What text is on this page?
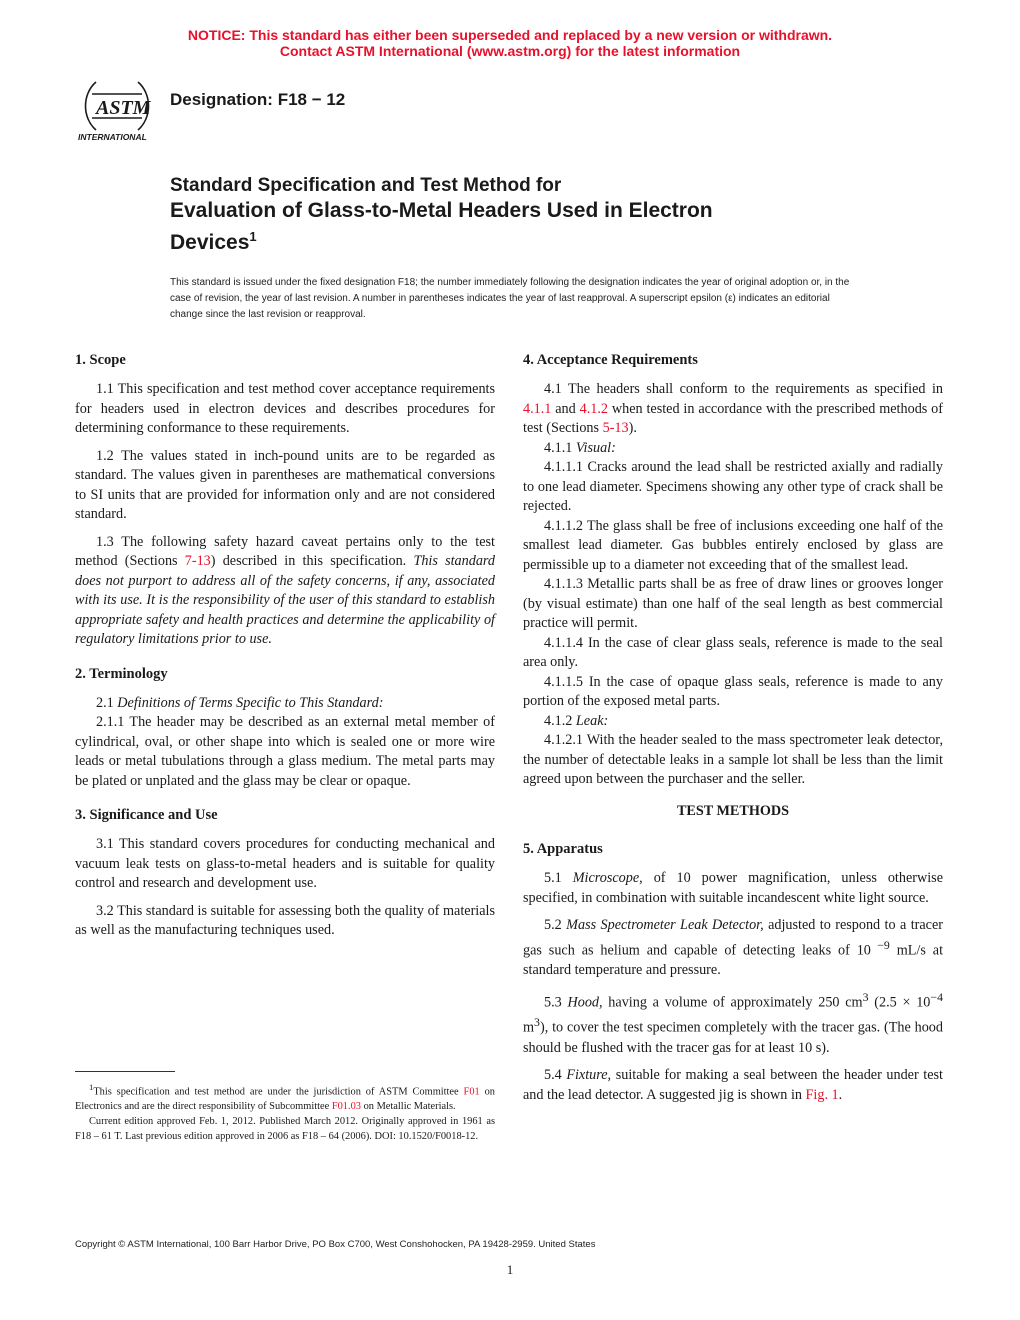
NOTICE: This standard has either been superseded and replaced by a new version or withdrawn.
Contact ASTM International (www.astm.org) for the latest information
ASTM
INTERNATIONAL
Designation: F18 − 12
Standard Specification and Test Method for
Evaluation of Glass-to-Metal Headers Used in Electron
Devices$^1$
This standard is issued under the fixed designation F18; the number immediately following the designation indicates the year of original adoption or, in the case of revision, the year of last revision. A number in parentheses indicates the year of last reapproval. A superscript epsilon (ε) indicates an editorial change since the last revision or reapproval.
1. Scope

1.1 This specification and test method cover acceptance requirements for headers used in electron devices and describes procedures for determining conformance to these requirements.

1.2 The values stated in inch-pound units are to be regarded as standard. The values given in parentheses are mathematical conversions to SI units that are provided for information only and are not considered standard.

1.3 The following safety hazard caveat pertains only to the test method (Sections 7-13) described in this specification. This standard does not purport to address all of the safety concerns, if any, associated with its use. It is the responsibility of the user of this standard to establish appropriate safety and health practices and determine the applicability of regulatory limitations prior to use.

2. Terminology

2.1 Definitions of Terms Specific to This Standard:

2.1.1 The header may be described as an external metal member of cylindrical, oval, or other shape into which is sealed one or more wire leads or metal tubulations through a glass medium. The metal parts may be plated or unplated and the glass may be clear or opaque.

3. Significance and Use

3.1 This standard covers procedures for conducting mechanical and vacuum leak tests on glass-to-metal headers and is suitable for quality control and research and development use.

3.2 This standard is suitable for assessing both the quality of materials as well as the manufacturing techniques used.

4. Acceptance Requirements

4.1 The headers shall conform to the requirements as specified in 4.1.1 and 4.1.2 when tested in accordance with the prescribed methods of test (Sections 5-13).

4.1.1 Visual:

4.1.1.1 Cracks around the lead shall be restricted axially and radially to one lead diameter. Specimens showing any other type of crack shall be rejected.

4.1.1.2 The glass shall be free of inclusions exceeding one half of the smallest lead diameter. Gas bubbles entirely enclosed by glass are permissible up to a diameter not exceeding that of the smallest lead.

4.1.1.3 Metallic parts shall be as free of draw lines or grooves longer (by visual estimate) than one half of the seal length as best commercial practice will permit.

4.1.1.4 In the case of clear glass seals, reference is made to the seal area only.

4.1.1.5 In the case of opaque glass seals, reference is made to any portion of the exposed metal parts.

4.1.2 Leak:

4.1.2.1 With the header sealed to the mass spectrometer leak detector, the number of detectable leaks in a sample lot shall be less than the limit agreed upon between the purchaser and the seller.

TEST METHODS

5. Apparatus

5.1 Microscope, of 10 power magnification, unless otherwise specified, in combination with suitable incandescent white light source.

5.2 Mass Spectrometer Leak Detector, adjusted to respond to a tracer gas such as helium and capable of detecting leaks of 10 $^{-9}$ mL/s at standard temperature and pressure.

5.3 Hood, having a volume of approximately 250 $cm^3$ ($2.5 \times 10^{-4}$ $m^3$), to cover the test specimen completely with the tracer gas. (The hood should be flushed with the tracer gas for at least 10 s).

5.4 Fixture, suitable for making a seal between the header under test and the lead detector. A suggested jig is shown in Fig. 1.

$^1$This specification and test method are under the jurisdiction of ASTM Committee F01 on Electronics and are the direct responsibility of Subcommittee F01.03 on Metallic Materials.

Current edition approved Feb. 1, 2012. Published March 2012. Originally approved in 1961 as F18 – 61 T. Last previous edition approved in 2006 as F18 – 64 (2006). DOI: 10.1520/F0018-12.

Copyright © ASTM International, 100 Barr Harbor Drive, PO Box C700, West Conshohocken, PA 19428-2959. United States
1
